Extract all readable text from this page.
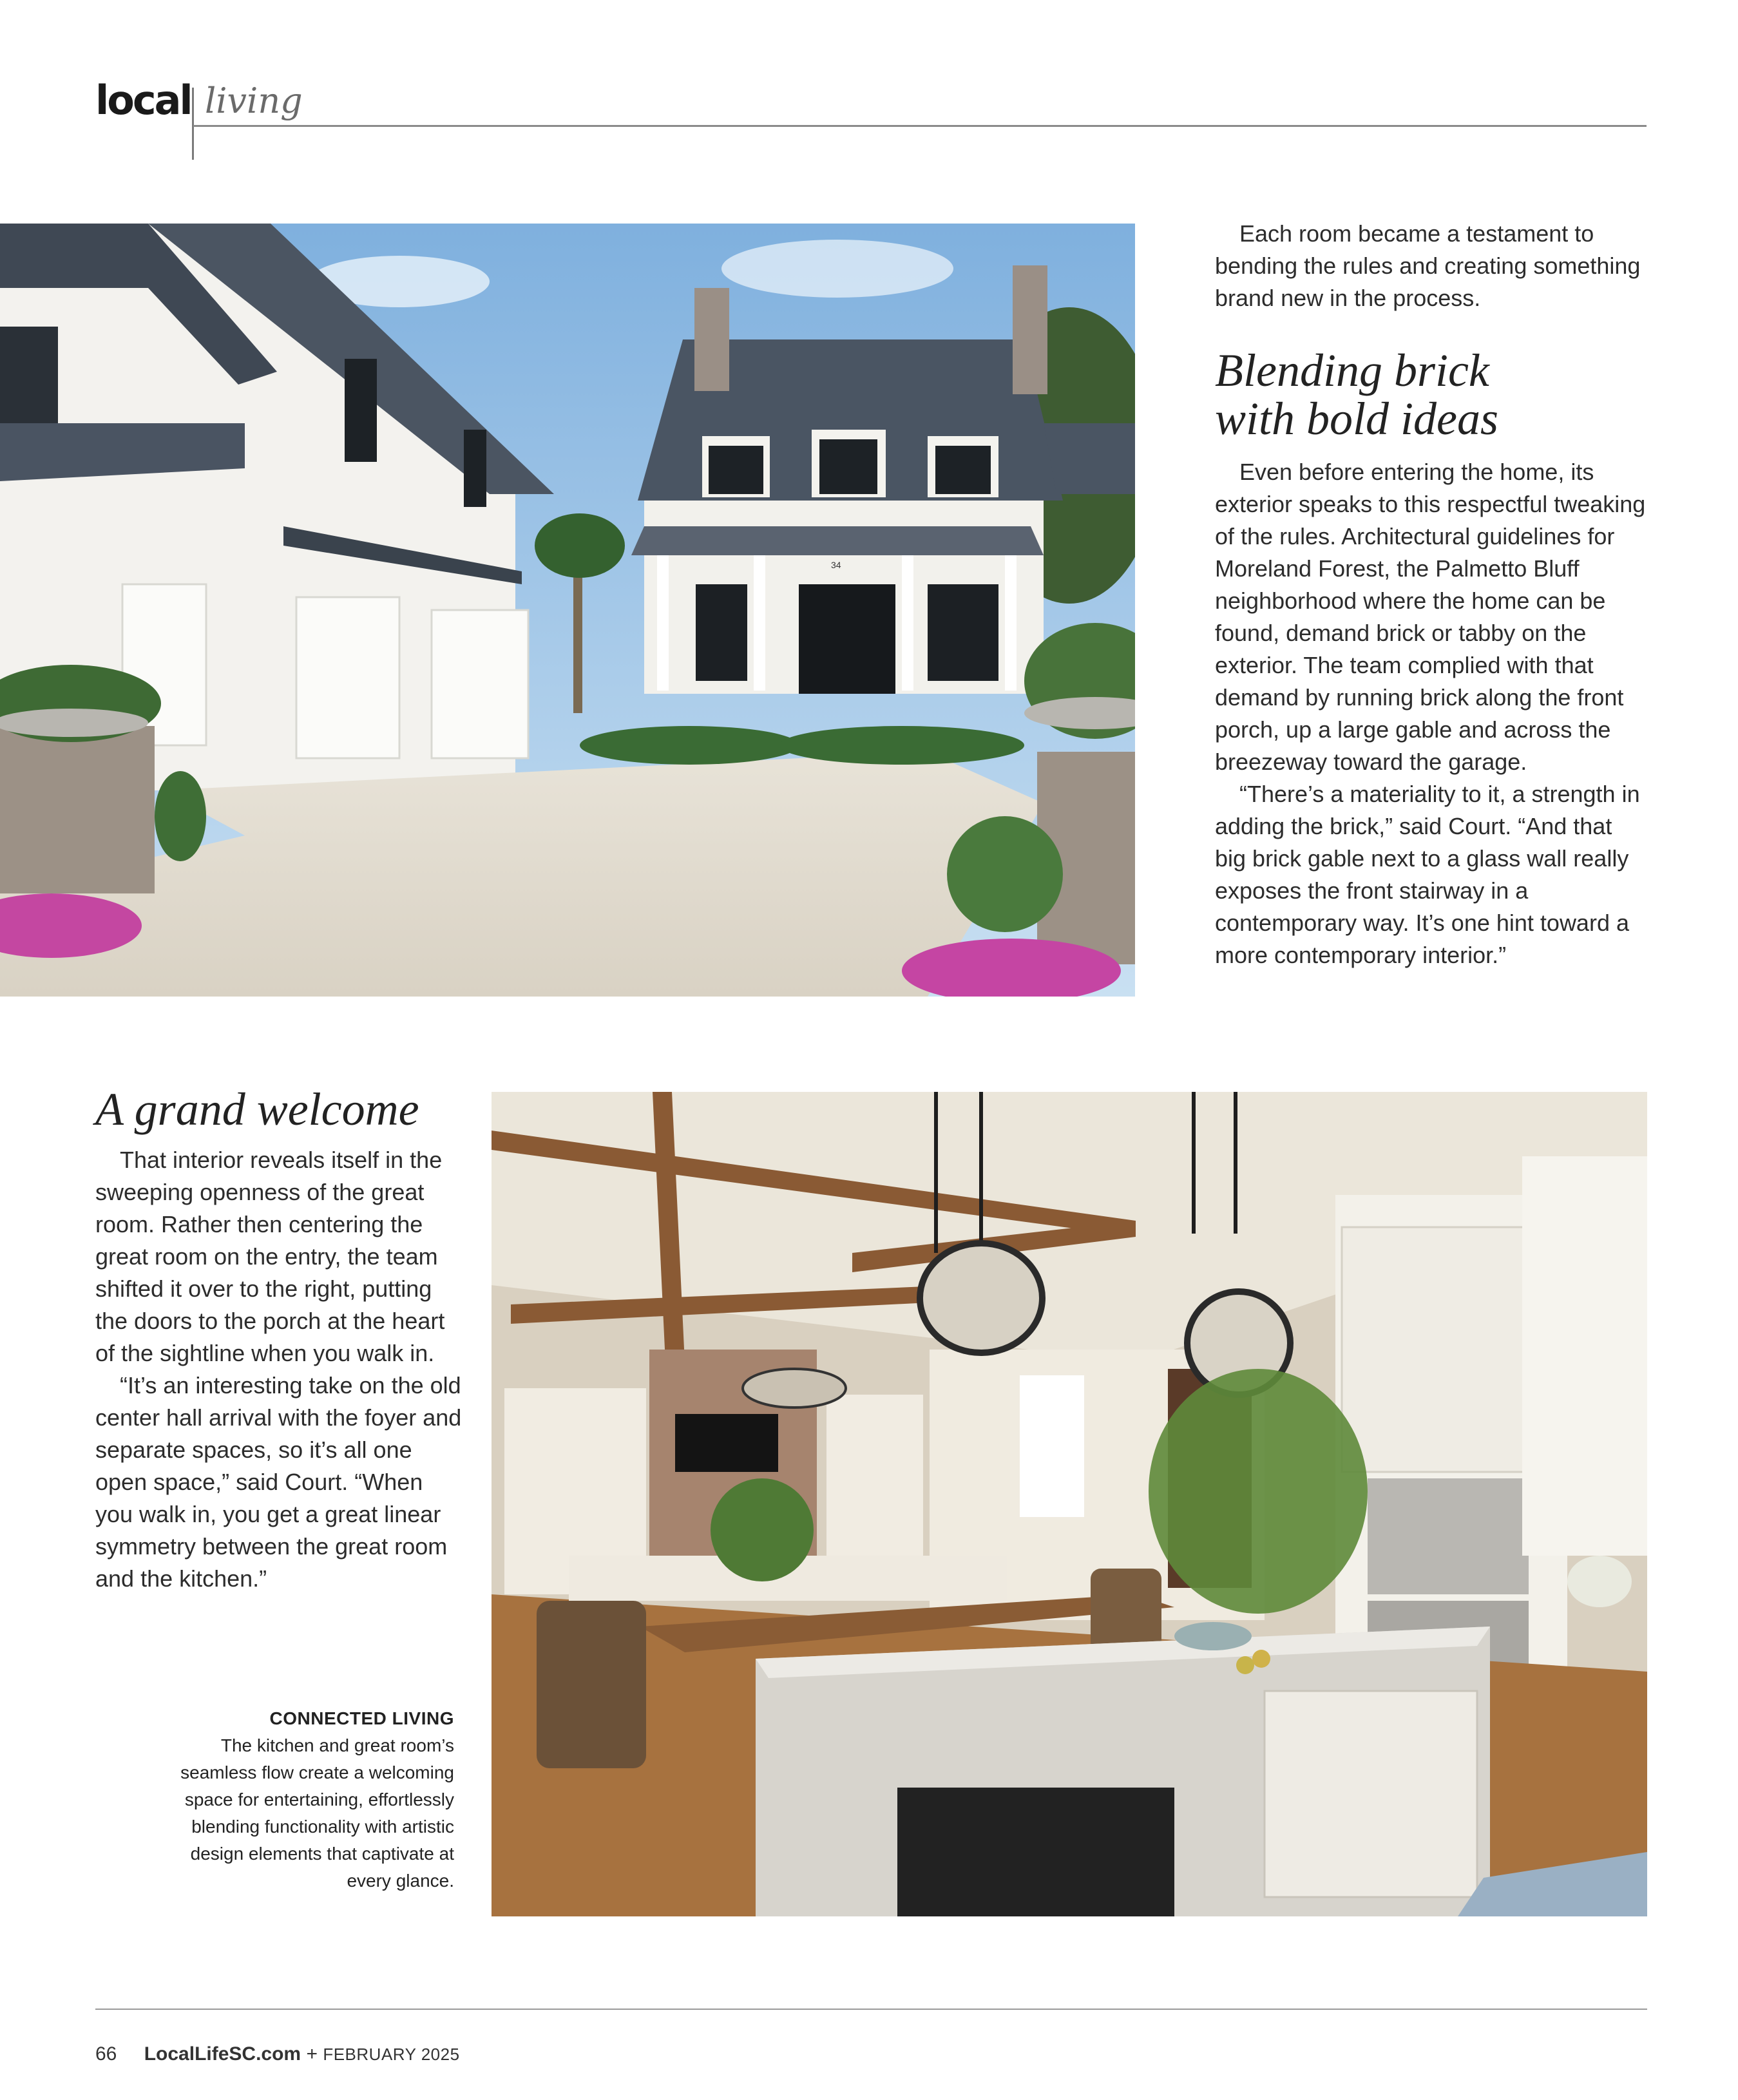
local living
34

Each room became a testament to bending the rules and creating something brand new in the process.

Blending brick with bold ideas

Even before entering the home, its exterior speaks to this respectful tweaking of the rules. Architectural guidelines for Moreland Forest, the Palmetto Bluff neighborhood where the home can be found, demand brick or tabby on the exterior. The team complied with that demand by running brick along the front porch, up a large gable and across the breezeway toward the garage.

“There’s a materiality to it, a strength in adding the brick,” said Court. “And that big brick gable next to a glass wall really exposes the front stairway in a contemporary way. It’s one hint toward a more contemporary interior.”

A grand welcome

That interior reveals itself in the sweeping openness of the great room. Rather then centering the great room on the entry, the team shifted it over to the right, putting the doors to the porch at the heart of the sightline when you walk in.

“It’s an interesting take on the old center hall arrival with the foyer and separate spaces, so it’s all one open space,” said Court. “When you walk in, you get a great linear symmetry between the great room and the kitchen.”

CONNECTED LIVING
The kitchen and great room’s seamless flow create a welcoming space for entertaining, effortlessly blending functionality with artistic design elements that captivate at every glance.
66 LocalLifeSC.com + FEBRUARY 2025
